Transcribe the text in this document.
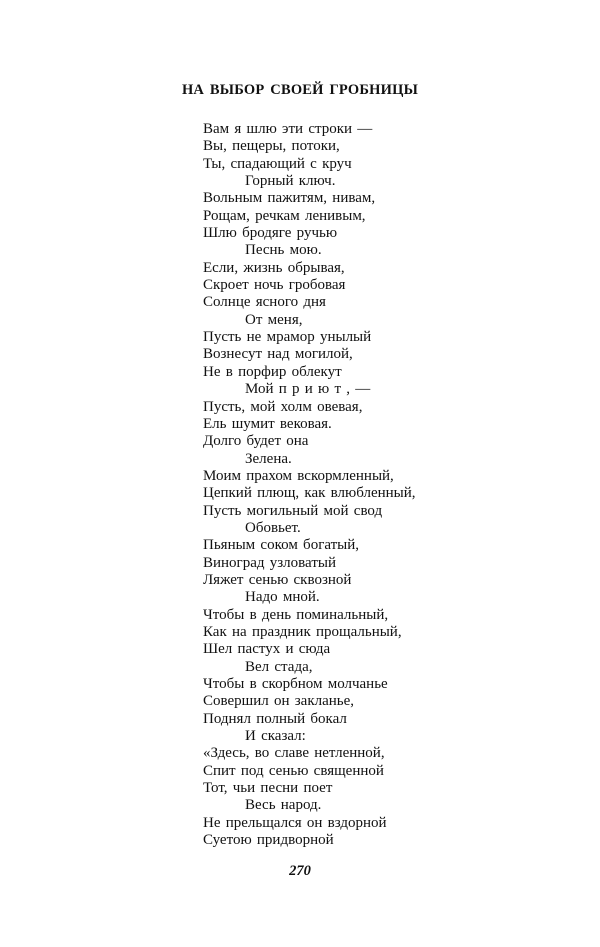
НА ВЫБОР СВОЕЙ ГРОБНИЦЫ
Вам я шлю эти строки —
Вы, пещеры, потоки,
Ты, спадающий с круч
Горный ключ.
Вольным пажитям, нивам,
Рощам, речкам ленивым,
Шлю бродяге ручью
Песнь мою.
Если, жизнь обрывая,
Скроет ночь гробовая
Солнце ясного дня
От меня,
Пусть не мрамор унылый
Вознесут над могилой,
Не в порфир облекут
Мой п р и ю т , —
Пусть, мой холм овевая,
Ель шумит вековая.
Долго будет она
Зелена.
Моим прахом вскормленный,
Цепкий плющ, как влюбленный,
Пусть могильный мой свод
Обовьет.
Пьяным соком богатый,
Виноград узловатый
Ляжет сенью сквозной
Надо мной.
Чтобы в день поминальный,
Как на праздник прощальный,
Шел пастух и сюда
Вел стада,
Чтобы в скорбном молчанье
Совершил он закланье,
Поднял полный бокал
И сказал:
«Здесь, во славе нетленной,
Спит под сенью священной
Тот, чьи песни поет
Весь народ.
Не прельщался он вздорной
Суетою придворной
270
